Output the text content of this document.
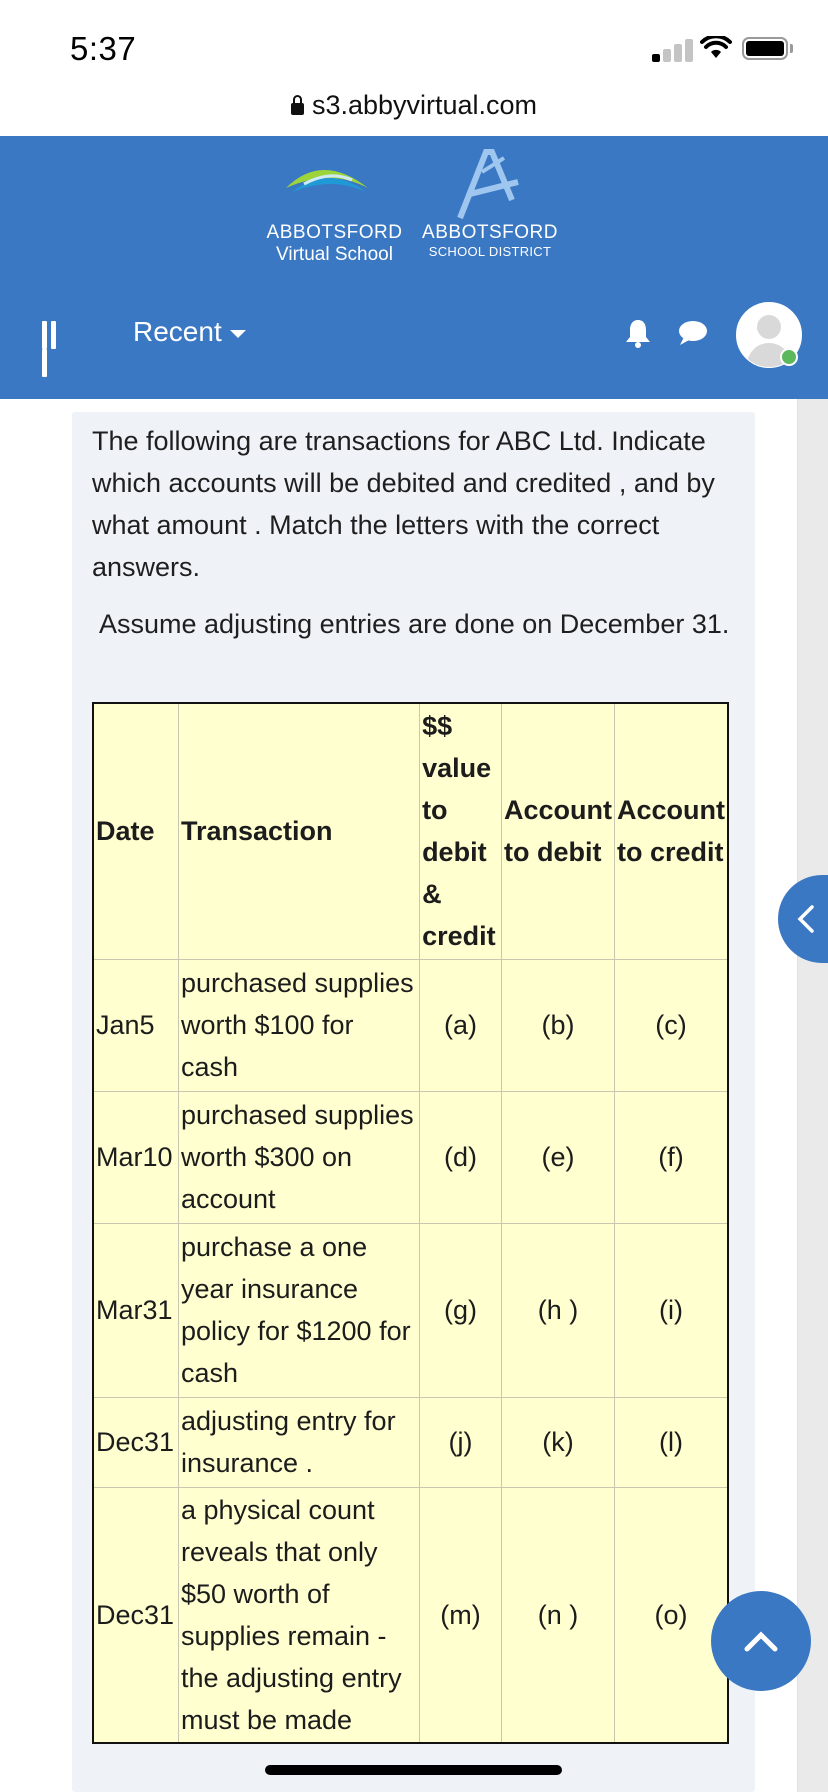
5:37
s3.abbyvirtual.com
ABBOTSFORD
Virtual School
ABBOTSFORD
SCHOOL DISTRICT
Recent
The following are transactions for ABC Ltd. Indicate which accounts will be debited and credited , and by what amount . Match the letters with the correct answers.
Assume adjusting entries are done on December 31.
Date	Transaction	$$ value to debit & credit	Account to debit	Account to credit
Jan5	purchased supplies worth $100 for cash	(a)	(b)	(c)
Mar10	purchased supplies worth $300 on account	(d)	(e)	(f)
Mar31	purchase a one year insurance policy for $1200 for cash	(g)	(h )	(i)
Dec31	adjusting entry for insurance .	(j)	(k)	(l)
Dec31	a physical count reveals that only $50 worth of supplies remain - the adjusting entry must be made	(m)	(n )	(o)
